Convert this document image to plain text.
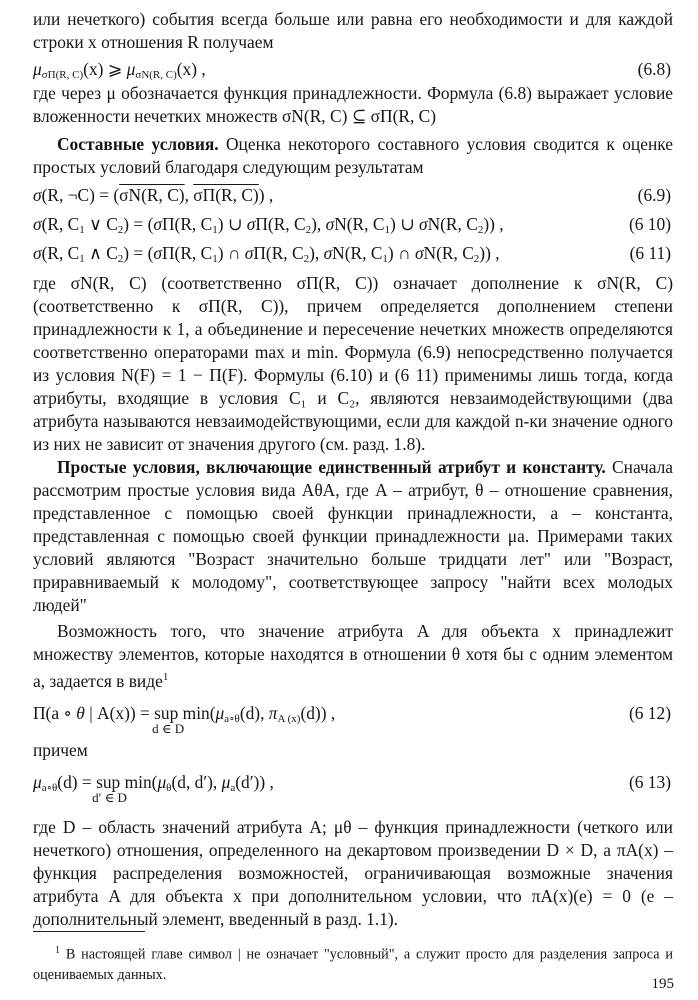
или нечеткого) события всегда больше или равна его необходимости и для каждой строки x отношения R получаем

$\mu_{\sigma П(R, C)}(x)$ ⩾ $\mu_{\sigma N(R, C)}(x)$ ,	(6.8)

где через μ обозначается функция принадлежности. Формула (6.8) выражает условие вложенности нечетких множеств σN(R, C) ⊆ σП(R, C)

Составные условия. Оценка некоторого составного условия сводится к оценке простых условий благодаря следующим результатам

σ(R, ¬C) = (σN(R, C), σП(R, C)) ,	(6.9)
σ(R, $C_1$ ∨ $C_2) = (\sigma П(R$, $C_1$) ∪ σП(R, $C_2$), σN(R, $C_1$) ∪ σN(R, $C_2$)) ,	(6 10)
σ(R, $C_1$ ∧ $C_2) = (\sigma П(R$, $C_1$) ∩ σП(R, $C_2$), σN(R, $C_1$) ∩ σN(R, $C_2$)) ,	(6 11)

где σN(R, C) (соответственно σП(R, C)) означает дополнение к σN(R, C) (соответственно к σП(R, C)), причем определяется дополнением степени принадлежности к 1, а объединение и пересечение нечетких множеств определяются соответственно операторами max и min. Формула (6.9) непосредственно получается из условия N(F) = 1 − П(F). Формулы (6.10) и (6 11) применимы лишь тогда, когда атрибуты, входящие в условия C₁ и C₂, являются невзаимодействующими (два атрибута называются невзаимодействующими, если для каждой n-ки значение одного из них не зависит от значения другого (см. разд. 1.8).

Простые условия, включающие единственный атрибут и константу. Сначала рассмотрим простые условия вида AθA, где A – атрибут, θ – отношение сравнения, представленное с помощью своей функции принадлежности, a – константа, представленная с помощью своей функции принадлежности μa. Примерами таких условий являются "Возраст значительно больше тридцати лет" или "Возраст, приравниваемый к молодому", соответствующее запросу "найти всех молодых людей"

Возможность того, что значение атрибута A для объекта x принадлежит множеству элементов, которые находятся в отношении θ хотя бы с одним элементом a, задается в виде$^1$

П(a ∘ θ | A(x)) = sup
d ∈ D
$\min(\mu_{a\circ\theta}(d)$, $\pi_{A (x)}(d)$) ,	(6 12)

причем

$\mu_{a\circ\theta}(d)$ = sup
d′ ∈ D
$\min(\mu_\theta(d$, d′), $\mu_a(d')$) ,	(6 13)

где D – область значений атрибута A; μθ – функция принадлежности (четкого или нечеткого) отношения, определенного на декартовом произведении D × D, а πA(x) – функция распределения возможностей, ограничивающая возможные значения атрибута A для объекта x при дополнительном условии, что πA(x)(e) = 0 (e – дополнительный элемент, введенный в разд. 1.1).

$^1$ В настоящей главе символ | не означает "условный", а служит просто для разделения запроса и оцениваемых данных.

195
